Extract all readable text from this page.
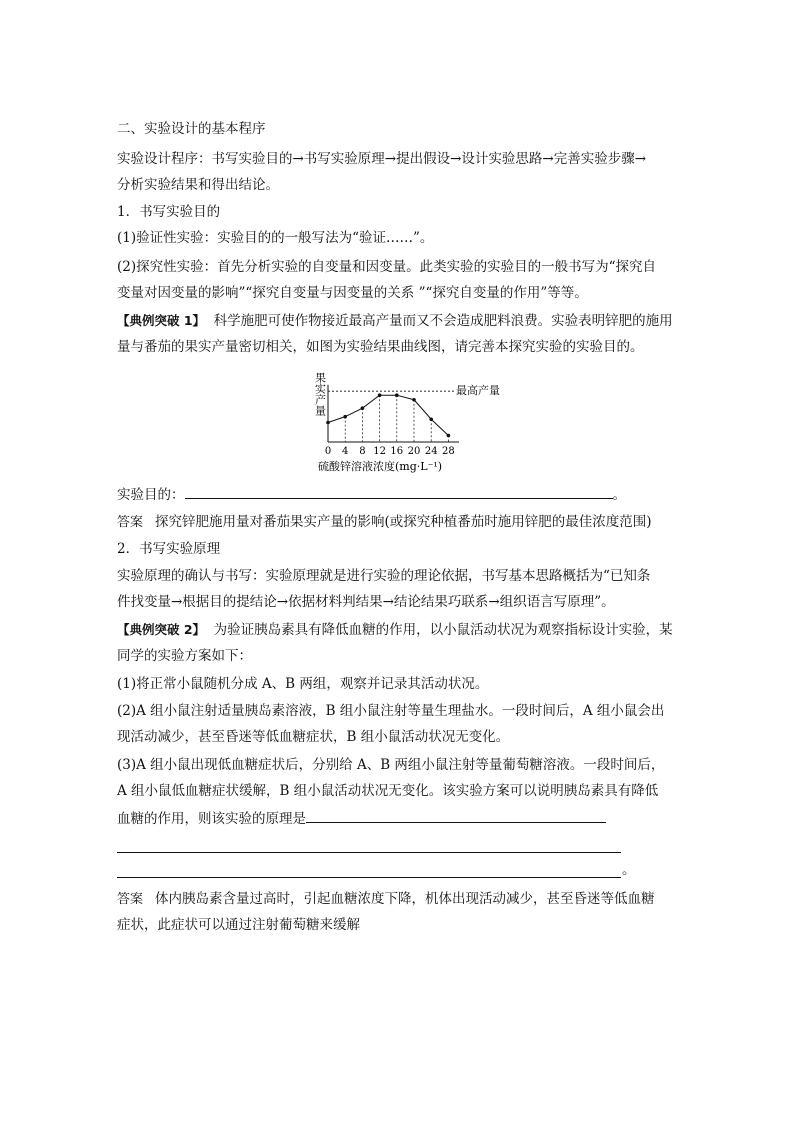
二、实验设计的基本程序
实验设计程序：书写实验目的→书写实验原理→提出假设→设计实验思路→完善实验步骤→
分析实验结果和得出结论。
1．书写实验目的
(1)验证性实验：实验目的的一般写法为“验证……”。
(2)探究性实验：首先分析实验的自变量和因变量。此类实验的实验目的一般书写为“探究自
变量对因变量的影响”“探究自变量与因变量的关系 ”“探究自变量的作用”等等。
【典例突破 1】 科学施肥可使作物接近最高产量而又不会造成肥料浪费。实验表明锌肥的施用
量与番茄的果实产量密切相关，如图为实验结果曲线图，请完善本探究实验的实验目的。
最高产量
0 4 8 12 16 20 24 28
果实产量
硫酸锌溶液浓度(mg·L⁻¹)
实验目的：	。
答案 探究锌肥施用量对番茄果实产量的影响(或探究种植番茄时施用锌肥的最佳浓度范围)
2．书写实验原理
实验原理的确认与书写：实验原理就是进行实验的理论依据，书写基本思路概括为“已知条
件找变量→根据目的提结论→依据材料判结果→结论结果巧联系→组织语言写原理”。
【典例突破 2】 为验证胰岛素具有降低血糖的作用，以小鼠活动状况为观察指标设计实验，某
同学的实验方案如下：
(1)将正常小鼠随机分成 A、B 两组，观察并记录其活动状况。
(2)A 组小鼠注射适量胰岛素溶液，B 组小鼠注射等量生理盐水。一段时间后，A 组小鼠会出
现活动减少，甚至昏迷等低血糖症状，B 组小鼠活动状况无变化。
(3)A 组小鼠出现低血糖症状后，分别给 A、B 两组小鼠注射等量葡萄糖溶液。一段时间后，
A 组小鼠低血糖症状缓解，B 组小鼠活动状况无变化。该实验方案可以说明胰岛素具有降低
血糖的作用，则该实验的原理是
。
答案 体内胰岛素含量过高时，引起血糖浓度下降，机体出现活动减少，甚至昏迷等低血糖
症状，此症状可以通过注射葡萄糖来缓解
